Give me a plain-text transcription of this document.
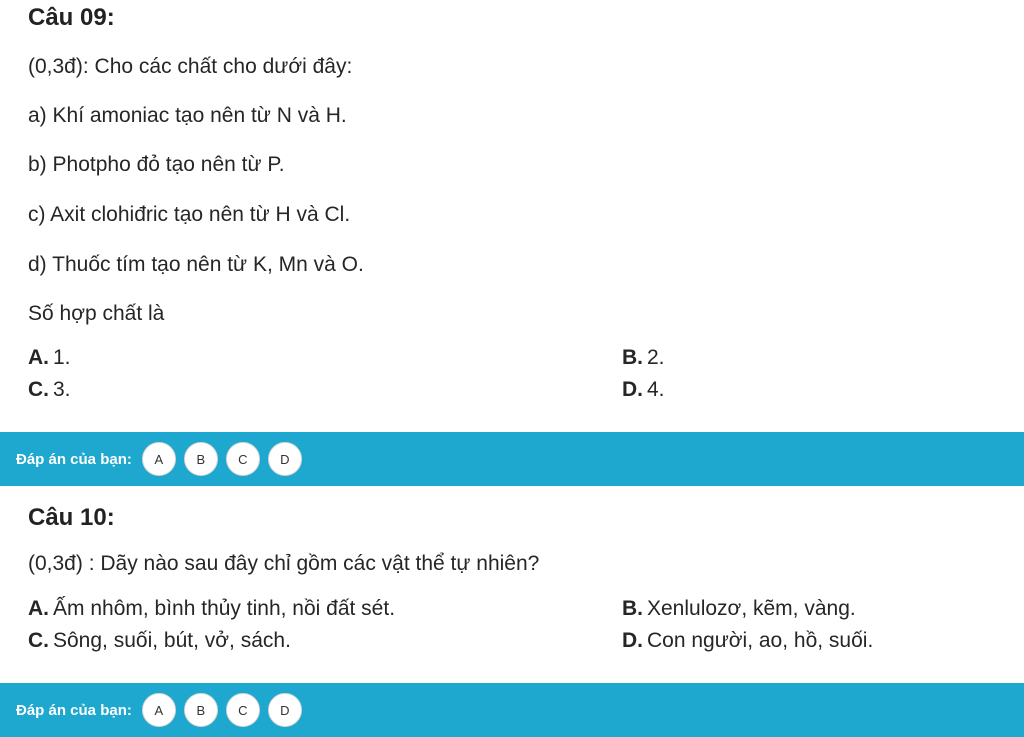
Câu 09:
(0,3đ): Cho các chất cho dưới đây:
a) Khí amoniac tạo nên từ N và H.
b) Photpho đỏ tạo nên từ P.
c) Axit clohiđric tạo nên từ H và Cl.
d) Thuốc tím tạo nên từ K, Mn và O.
Số hợp chất là
A. 1.	B. 2.
C. 3.	D. 4.
Đáp án của bạn:	A	B	C	D
Câu 10:
(0,3đ) : Dãy nào sau đây chỉ gồm các vật thể tự nhiên?
A. Ấm nhôm, bình thủy tinh, nồi đất sét.	B. Xenlulozơ, kẽm, vàng.
C. Sông, suối, bút, vở, sách.	D. Con người, ao, hồ, suối.
Đáp án của bạn:	A	B	C	D
